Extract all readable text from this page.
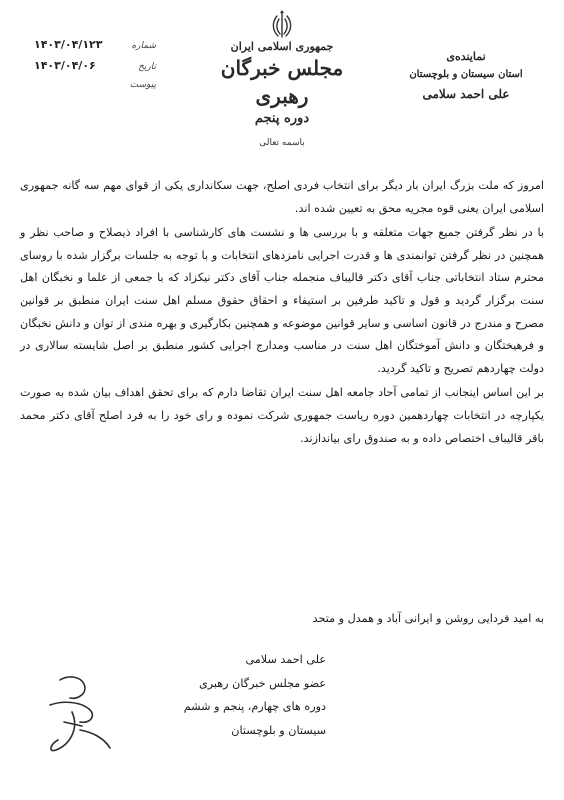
نماینده‌ی
استان سیستان و بلوچستان
علی احمد سلامی
جمهوری اسلامی ایران
مجلس خبرگان رهبری
دوره پنجم
شماره
۱۴۰۳/۰۴/۱۲۳
تاریخ
۱۴۰۳/۰۴/۰۶
پیوست
باسمه تعالی

امروز که ملت بزرگ ایران بار دیگر برای انتخاب فردی اصلح، جهت سکانداری یکی از قوای مهم سه گانه جمهوری اسلامی ایران یعنی قوه مجریه محق به تعیین شده اند.

با در نظر گرفتن جمیع جهات متعلقه و با بررسی ها و نشست های کارشناسی با افراد ذیصلاح و صاحب نظر و همچنین در نظر گرفتن توانمندی ها و قدرت اجرایی نامزدهای انتخابات و با توجه به جلسات برگزار شده با روسای محترم ستاد انتخاباتی جناب آقای دکتر قالیباف منجمله جناب آقای دکتر نیکزاد که با جمعی از علما و نخبگان اهل سنت برگزار گردید و قول و تاکید طرفین بر استیفاء و احقاق حقوق مسلم اهل سنت ایران منطبق بر قوانین مصرح و مندرج در قانون اساسی و سایر قوانین موضوعه و همچنین بکارگیری و بهره مندی از توان و دانش نخبگان و فرهیختگان و دانش آموختگان اهل سنت در مناسب ومدارج اجرایی کشور منطبق بر اصل شایسته سالاری در دولت چهاردهم تصریح و تاکید گردید.

بر این اساس اینجانب از تمامی آحاد جامعه اهل سنت ایران تقاضا دارم که برای تحقق اهداف بیان شده به صورت یکپارچه در انتخابات چهاردهمین دوره ریاست جمهوری شرکت نموده و رای خود را به فرد اصلح آقای دکتر محمد باقر قالیباف اختصاص داده و به صندوق رای بیاندازند.

به امید فردایی روشن و ایرانی آباد و همدل و متحد
علی احمد سلامی
عضو مجلس خبرگان رهبری
دوره های چهارم، پنجم و ششم
سیستان و بلوچستان
